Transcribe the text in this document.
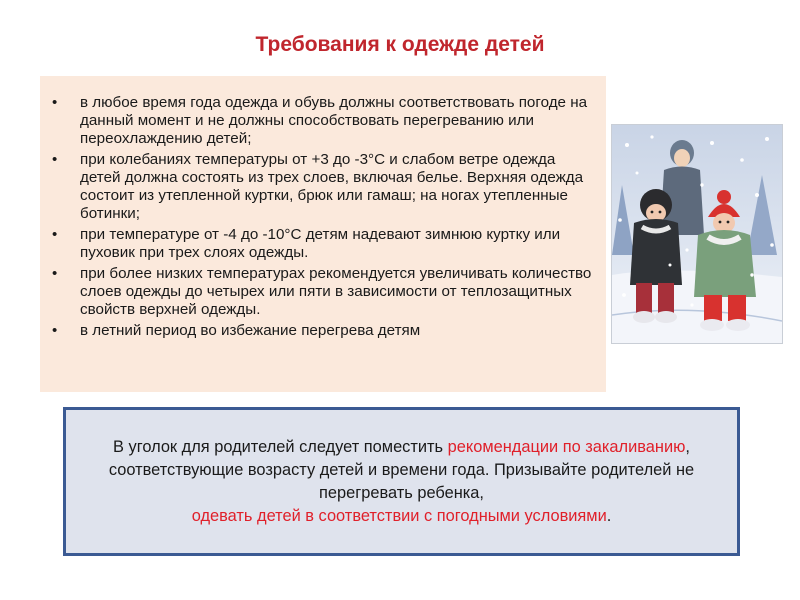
Требования к одежде детей
• в любое время года одежда и обувь должны соответствовать погоде на данный момент и не должны способствовать перегреванию или переохлаждению детей;
• при колебаниях температуры от +3 до -3°С и слабом ветре одежда детей должна состоять из трех слоев, включая белье. Верхняя одежда состоит из утепленной куртки, брюк или гамаш; на ногах утепленные ботинки;
• при температуре от -4 до -10°С детям надевают зимнюю куртку или пуховик при трех слоях одежды.
• при более низких температурах рекомендуется увеличивать количество слоев одежды до четырех или пяти в зависимости от теплозащитных свойств верхней одежды.
• в летний период во избежание перегрева детям
В уголок для родителей следует поместить рекомендации по закаливанию, соответствующие возрасту детей и времени года. Призывайте родителей не перегревать ребенка,
одевать детей в соответствии с погодными условиями.
